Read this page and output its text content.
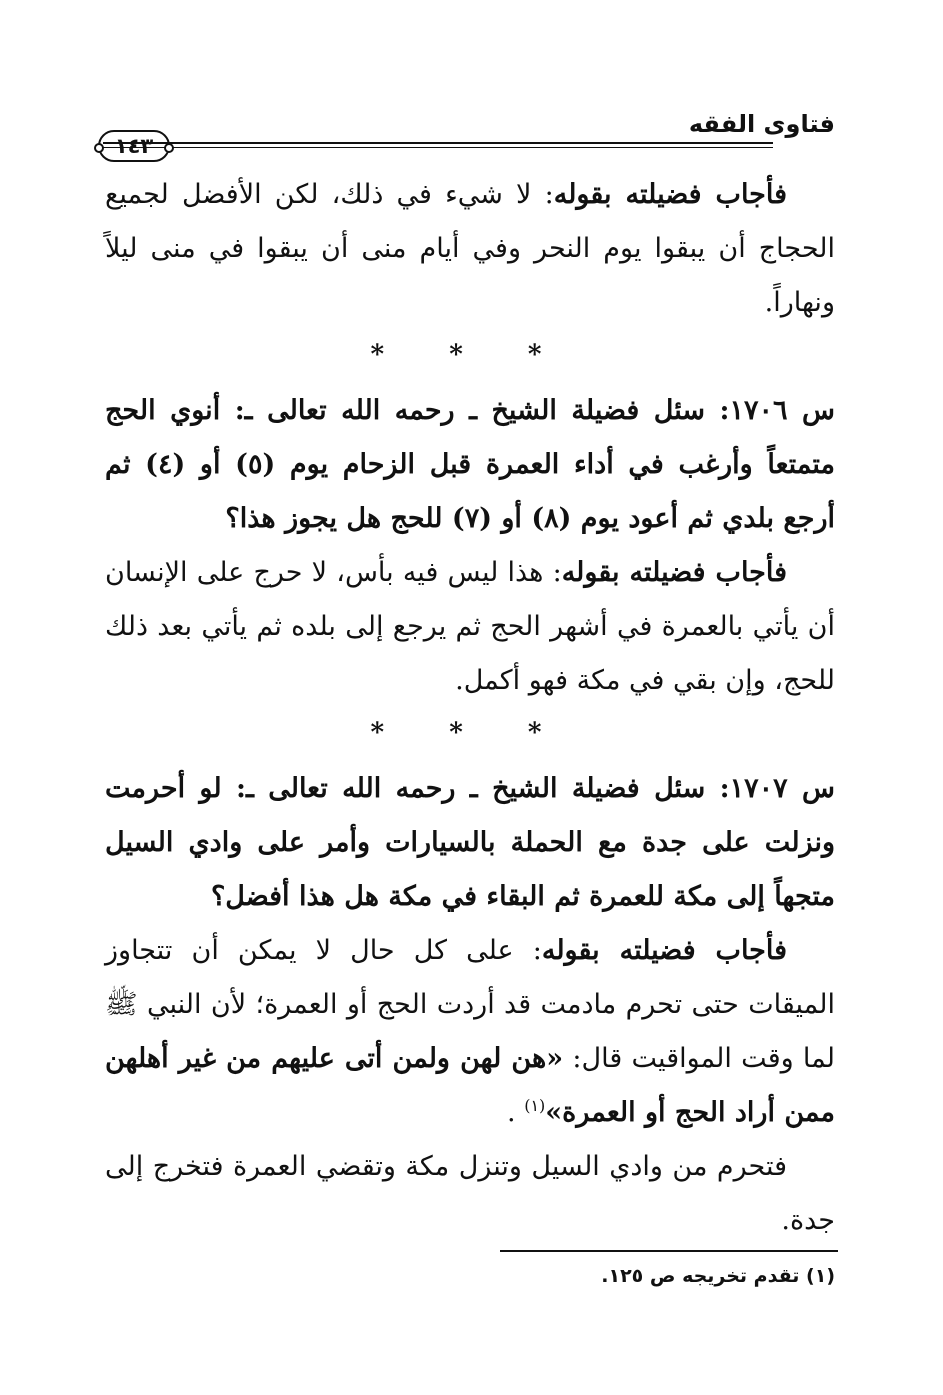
فتاوى الفقه
١٤٣

فأجاب فضيلته بقوله: لا شيء في ذلك، لكن الأفضل لجميع الحجاج أن يبقوا يوم النحر وفي أيام منى أن يبقوا في منى ليلاً ونهاراً.

* * *

س ١٧٠٦: سئل فضيلة الشيخ ـ رحمه الله تعالى ـ: أنوي الحج متمتعاً وأرغب في أداء العمرة قبل الزحام يوم (٥) أو (٤) ثم أرجع بلدي ثم أعود يوم (٨) أو (٧) للحج هل يجوز هذا؟

فأجاب فضيلته بقوله: هذا ليس فيه بأس، لا حرج على الإنسان أن يأتي بالعمرة في أشهر الحج ثم يرجع إلى بلده ثم يأتي بعد ذلك للحج، وإن بقي في مكة فهو أكمل.

* * *

س ١٧٠٧: سئل فضيلة الشيخ ـ رحمه الله تعالى ـ: لو أحرمت ونزلت على جدة مع الحملة بالسيارات وأمر على وادي السيل متجهاً إلى مكة للعمرة ثم البقاء في مكة هل هذا أفضل؟

فأجاب فضيلته بقوله: على كل حال لا يمكن أن تتجاوز الميقات حتى تحرم مادمت قد أردت الحج أو العمرة؛ لأن النبي ﷺ لما وقت المواقيت قال: «هن لهن ولمن أتى عليهم من غير أهلهن ممن أراد الحج أو العمرة»$^{(١)}$ .

فتحرم من وادي السيل وتنزل مكة وتقضي العمرة فتخرج إلى جدة.

(١) تقدم تخريجه ص ١٢٥.
